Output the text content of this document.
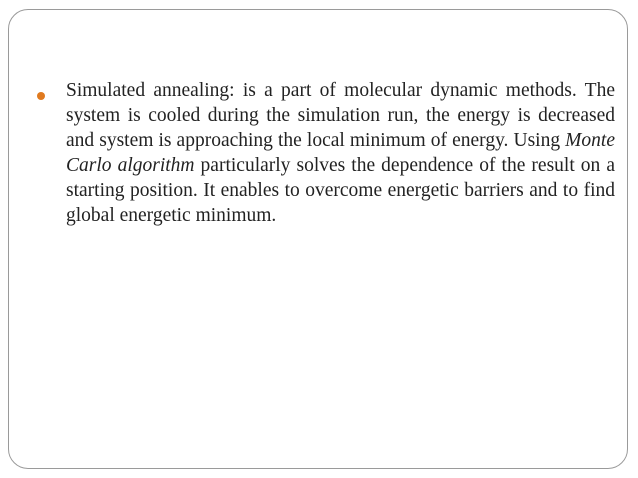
Simulated annealing: is a part of molecular dynamic methods. The system is cooled during the simulation run, the energy is decreased and system is approaching the local minimum of energy. Using Monte Carlo algorithm particularly solves the dependence of the result on a starting position. It enables to overcome energetic barriers and to find global energetic minimum.
